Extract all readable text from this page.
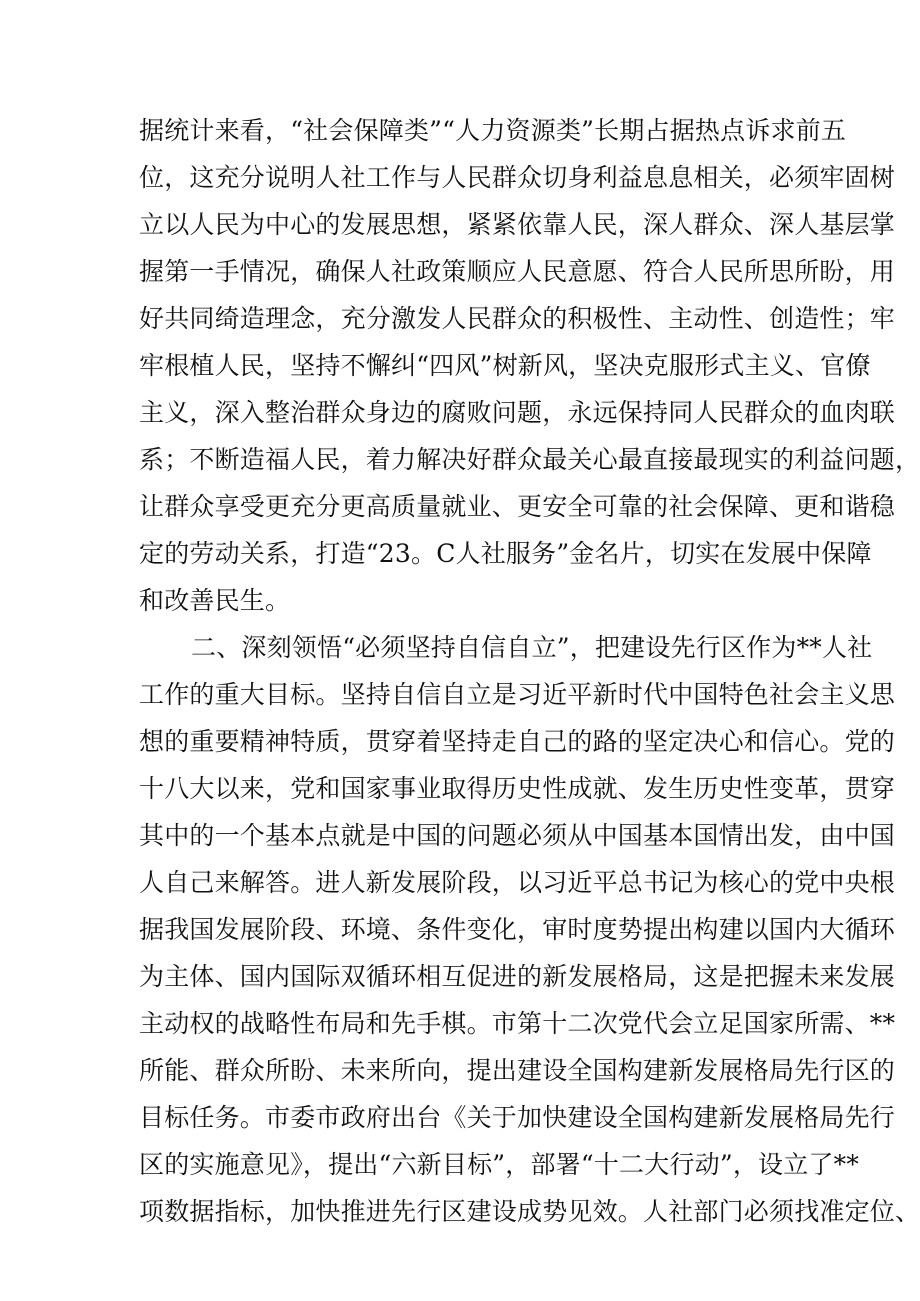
据统计来看，“社会保障类”“人力资源类”长期占据热点诉求前五
位，这充分说明人社工作与人民群众切身利益息息相关，必须牢固树
立以人民为中心的发展思想，紧紧依靠人民，深人群众、深人基层掌
握第一手情况，确保人社政策顺应人民意愿、符合人民所思所盼，用
好共同绮造理念，充分激发人民群众的积极性、主动性、创造性；牢
牢根植人民，坚持不懈纠“四风”树新风，坚决克服形式主义、官僚
主义，深入整治群众身边的腐败问题，永远保持同人民群众的血肉联
系；不断造福人民，着力解决好群众最关心最直接最现实的利益问题，
让群众享受更充分更高质量就业、更安全可靠的社会保障、更和谐稳
定的劳动关系，打造“23。C人社服务”金名片，切实在发展中保障
和改善民生。
二、深刻领悟“必须坚持自信自立”，把建设先行区作为**人社
工作的重大目标。坚持自信自立是习近平新时代中国特色社会主义思
想的重要精神特质，贯穿着坚持走自己的路的坚定决心和信心。党的
十八大以来，党和国家事业取得历史性成就、发生历史性变革，贯穿
其中的一个基本点就是中国的问题必须从中国基本国情出发，由中国
人自己来解答。进人新发展阶段，以习近平总书记为核心的党中央根
据我国发展阶段、环境、条件变化，审时度势提出构建以国内大循环
为主体、国内国际双循环相互促进的新发展格局，这是把握未来发展
主动权的战略性布局和先手棋。市第十二次党代会立足国家所需、**
所能、群众所盼、未来所向，提出建设全国构建新发展格局先行区的
目标任务。市委市政府出台《关于加快建设全国构建新发展格局先行
区的实施意见》，提出“六新目标”，部署“十二大行动”，设立了**
项数据指标，加快推进先行区建设成势见效。人社部门必须找准定位、
